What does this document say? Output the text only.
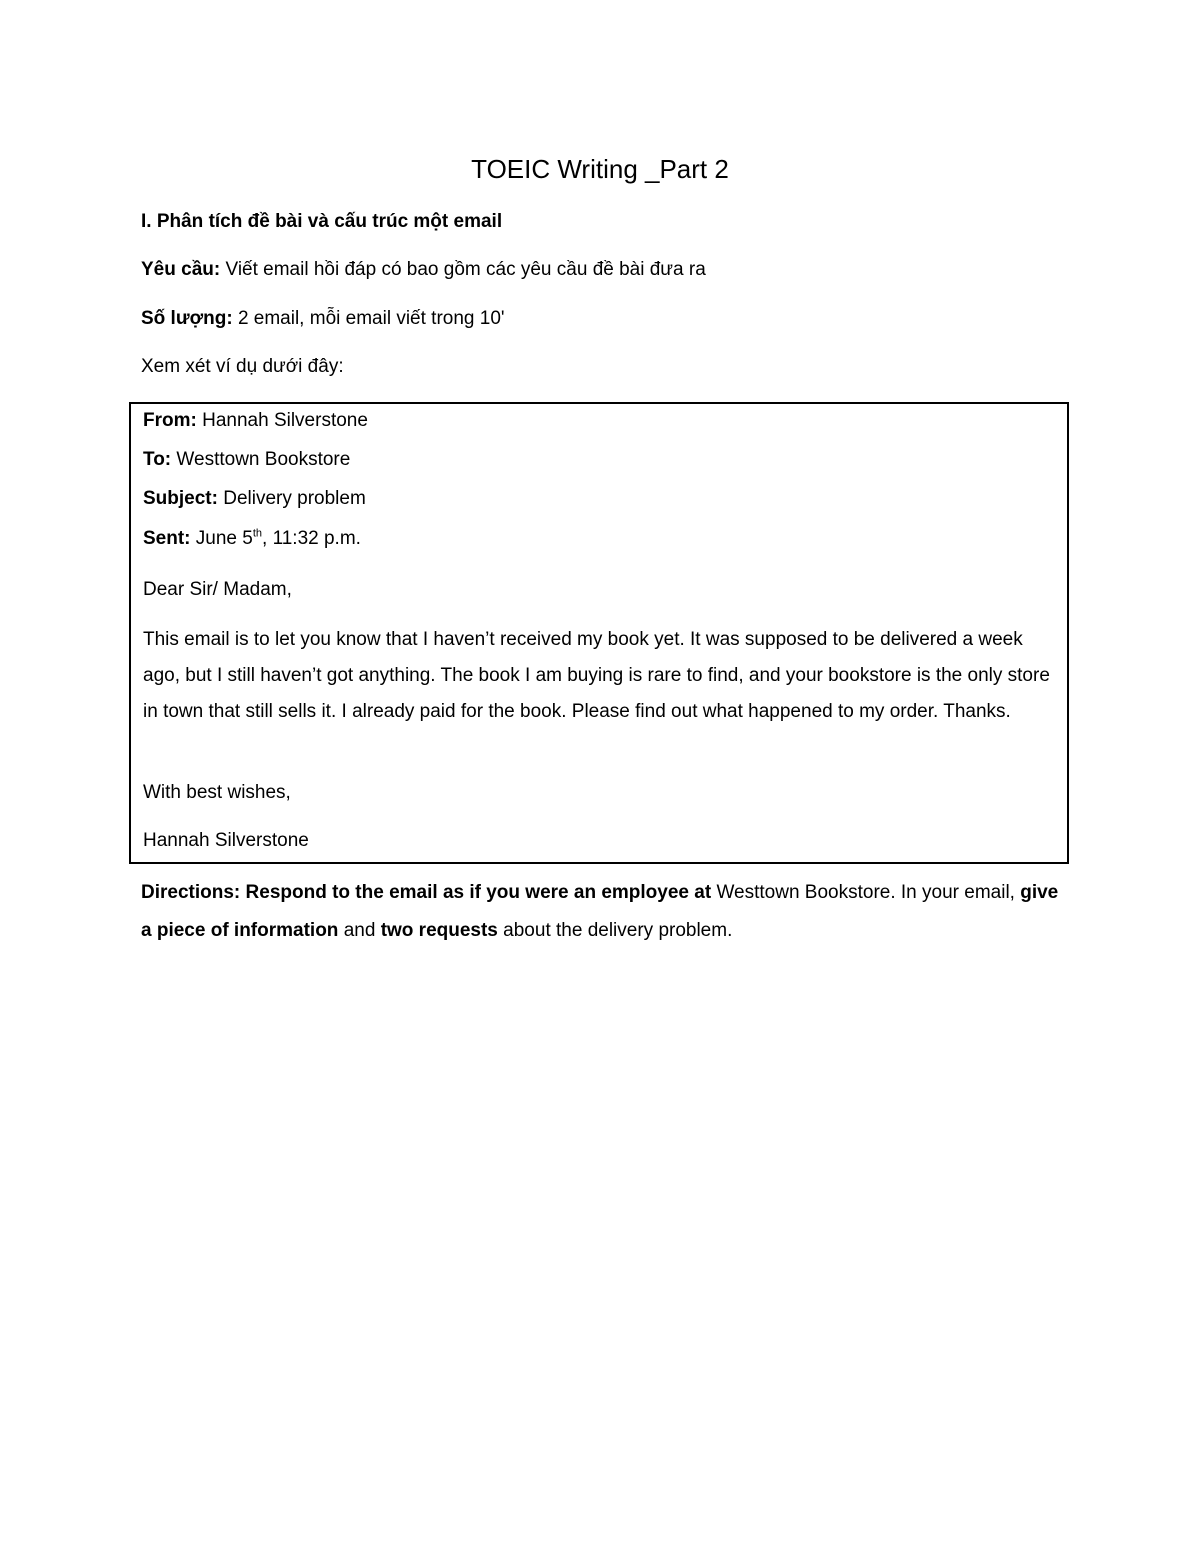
TOEIC Writing _Part 2
I. Phân tích đề bài và cấu trúc một email
Yêu cầu: Viết email hồi đáp có bao gồm các yêu cầu đề bài đưa ra
Số lượng: 2 email, mỗi email viết trong 10'
Xem xét ví dụ dưới đây:
From: Hannah Silverstone
To: Westtown Bookstore
Subject: Delivery problem
Sent: June 5th, 11:32 p.m.
Dear Sir/ Madam,
This email is to let you know that I haven’t received my book yet. It was supposed to be delivered a week ago, but I still haven’t got anything. The book I am buying is rare to find, and your bookstore is the only store in town that still sells it. I already paid for the book. Please find out what happened to my order. Thanks.
With best wishes,
Hannah Silverstone
Directions: Respond to the email as if you were an employee at Westtown Bookstore. In your email, give a piece of information and two requests about the delivery problem.
